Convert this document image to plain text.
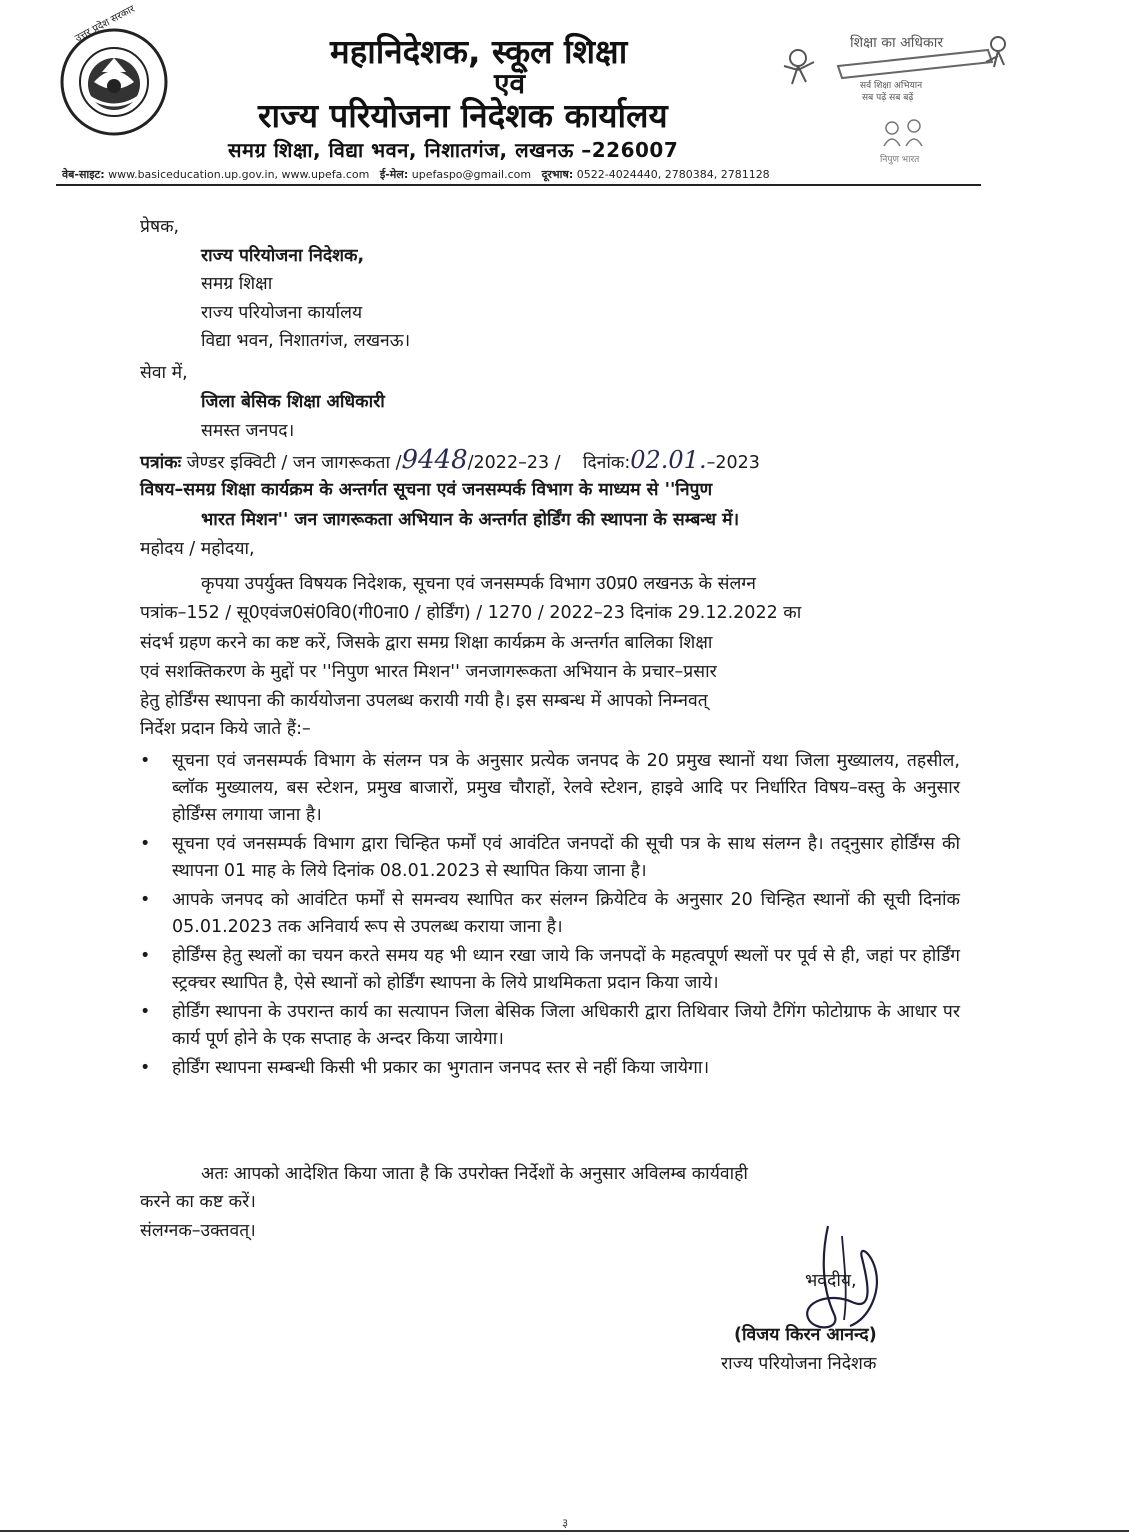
उत्तर प्रदेश सरकार
महानिदेशक, स्कूल शिक्षा
एवं
राज्य परियोजना निदेशक कार्यालय
समग्र शिक्षा, विद्या भवन, निशातगंज, लखनऊ –226007
शिक्षा का अधिकार
सर्व शिक्षा अभियान
सब पढ़ें सब बढ़ें
निपुण भारत
वेब-साइट: www.basiceducation.up.gov.in, www.upefa.com ई-मेल: upefaspo@gmail.com दूरभाष: 0522-4024440, 2780384, 2781128
प्रेषक,
राज्य परियोजना निदेशक,
समग्र शिक्षा
राज्य परियोजना कार्यालय
विद्या भवन, निशातगंज, लखनऊ।
सेवा में,
जिला बेसिक शिक्षा अधिकारी
समस्त जनपद।
पत्रांकः जेण्डर इक्विटी / जन जागरूकता /9448/2022–23 / दिनांक:02.01.–2023
विषय–समग्र शिक्षा कार्यक्रम के अन्तर्गत सूचना एवं जनसम्पर्क विभाग के माध्यम से ''निपुण
भारत मिशन'' जन जागरूकता अभियान के अन्तर्गत होर्डिंग की स्थापना के सम्बन्ध में।
महोदय / महोदया,
कृपया उपर्युक्त विषयक निदेशक, सूचना एवं जनसम्पर्क विभाग उ0प्र0 लखनऊ के संलग्न
पत्रांक–152 / सू0एवंज0सं0वि0(गी0ना0 / होर्डिंग) / 1270 / 2022–23 दिनांक 29.12.2022 का
संदर्भ ग्रहण करने का कष्ट करें, जिसके द्वारा समग्र शिक्षा कार्यक्रम के अन्तर्गत बालिका शिक्षा
एवं सशक्तिकरण के मुद्दों पर ''निपुण भारत मिशन'' जनजागरूकता अभियान के प्रचार–प्रसार
हेतु होर्डिंग्स स्थापना की कार्ययोजना उपलब्ध करायी गयी है। इस सम्बन्ध में आपको निम्नवत्
निर्देश प्रदान किये जाते हैं:–
•	सूचना एवं जनसम्पर्क विभाग के संलग्न पत्र के अनुसार प्रत्येक जनपद के 20 प्रमुख स्थानों यथा जिला मुख्यालय, तहसील, ब्लॉक मुख्यालय, बस स्टेशन, प्रमुख बाजारों, प्रमुख चौराहों, रेलवे स्टेशन, हाइवे आदि पर निर्धारित विषय–वस्तु के अनुसार होर्डिंग्स लगाया जाना है।
•	सूचना एवं जनसम्पर्क विभाग द्वारा चिन्हित फर्मों एवं आवंटित जनपदों की सूची पत्र के साथ संलग्न है। तद्नुसार होर्डिंग्स की स्थापना 01 माह के लिये दिनांक 08.01.2023 से स्थापित किया जाना है।
•	आपके जनपद को आवंटित फर्मों से समन्वय स्थापित कर संलग्न क्रियेटिव के अनुसार 20 चिन्हित स्थानों की सूची दिनांक 05.01.2023 तक अनिवार्य रूप से उपलब्ध कराया जाना है।
•	होर्डिंग्स हेतु स्थलों का चयन करते समय यह भी ध्यान रखा जाये कि जनपदों के महत्वपूर्ण स्थलों पर पूर्व से ही, जहां पर होर्डिंग स्ट्रक्चर स्थापित है, ऐसे स्थानों को होर्डिंग स्थापना के लिये प्राथमिकता प्रदान किया जाये।
•	होर्डिंग स्थापना के उपरान्त कार्य का सत्यापन जिला बेसिक जिला अधिकारी द्वारा तिथिवार जियो टैगिंग फोटोग्राफ के आधार पर कार्य पूर्ण होने के एक सप्ताह के अन्दर किया जायेगा।
•	होर्डिंग स्थापना सम्बन्धी किसी भी प्रकार का भुगतान जनपद स्तर से नहीं किया जायेगा।
अतः आपको आदेशित किया जाता है कि उपरोक्त निर्देशों के अनुसार अविलम्ब कार्यवाही
करने का कष्ट करें।
संलग्नक–उक्तवत्।
भवदीय,
(विजय किरन आनन्द)
राज्य परियोजना निदेशक
३
